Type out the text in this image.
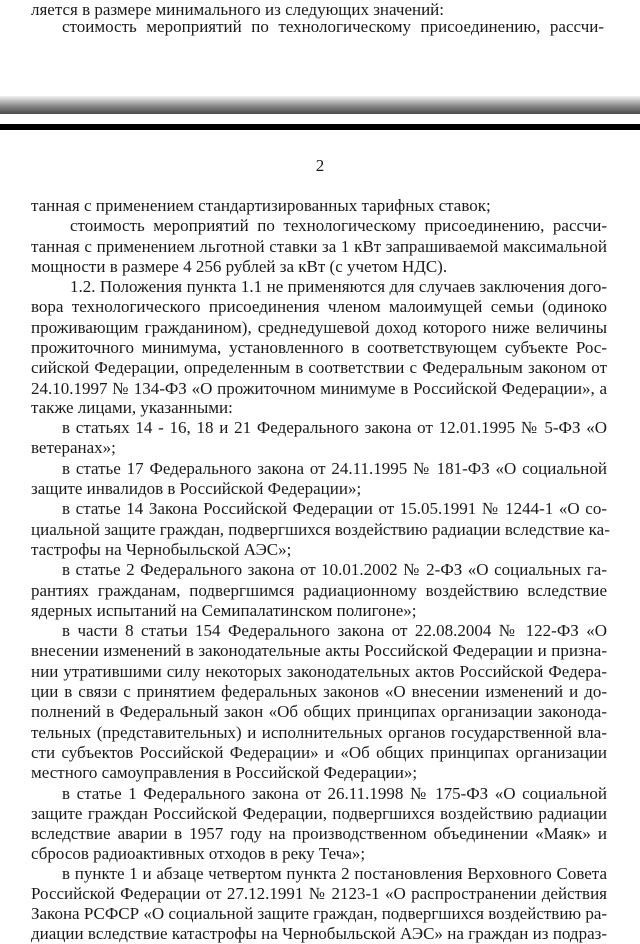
ляется в размере минимального из следующих значений:
стоимость мероприятий по технологическому присоединению, рассчи-
2
танная с применением стандартизированных тарифных ставок;
стоимость мероприятий по технологическому присоединению, рассчи-
танная с применением льготной ставки за 1 кВт запрашиваемой максимальной
мощности в размере 4 256 рублей за кВт (с учетом НДС).
1.2. Положения пункта 1.1 не применяются для случаев заключения дого-
вора технологического присоединения членом малоимущей семьи (одиноко
проживающим гражданином), среднедушевой доход которого ниже величины
прожиточного минимума, установленного в соответствующем субъекте Рос-
сийской Федерации, определенным в соответствии с Федеральным законом от
24.10.1997 № 134-ФЗ «О прожиточном минимуме в Российской Федерации», а
также лицами, указанными:
в статьях 14 - 16, 18 и 21 Федерального закона от 12.01.1995 № 5-ФЗ «О
ветеранах»;
в статье 17 Федерального закона от 24.11.1995 № 181-ФЗ «О социальной
защите инвалидов в Российской Федерации»;
в статье 14 Закона Российской Федерации от 15.05.1991 № 1244-1 «О со-
циальной защите граждан, подвергшихся воздействию радиации вследствие ка-
тастрофы на Чернобыльской АЭС»;
в статье 2 Федерального закона от 10.01.2002 № 2-ФЗ «О социальных га-
рантиях гражданам, подвергшимся радиационному воздействию вследствие
ядерных испытаний на Семипалатинском полигоне»;
в части 8 статьи 154 Федерального закона от 22.08.2004 № 122-ФЗ «О
внесении изменений в законодательные акты Российской Федерации и призна-
нии утратившими силу некоторых законодательных актов Российской Федера-
ции в связи с принятием федеральных законов «О внесении изменений и до-
полнений в Федеральный закон «Об общих принципах организации законода-
тельных (представительных) и исполнительных органов государственной вла-
сти субъектов Российской Федерации» и «Об общих принципах организации
местного самоуправления в Российской Федерации»;
в статье 1 Федерального закона от 26.11.1998 № 175-ФЗ «О социальной
защите граждан Российской Федерации, подвергшихся воздействию радиации
вследствие аварии в 1957 году на производственном объединении «Маяк» и
сбросов радиоактивных отходов в реку Теча»;
в пункте 1 и абзаце четвертом пункта 2 постановления Верховного Совета
Российской Федерации от 27.12.1991 № 2123-1 «О распространении действия
Закона РСФСР «О социальной защите граждан, подвергшихся воздействию ра-
диации вследствие катастрофы на Чернобыльской АЭС» на граждан из подраз-
